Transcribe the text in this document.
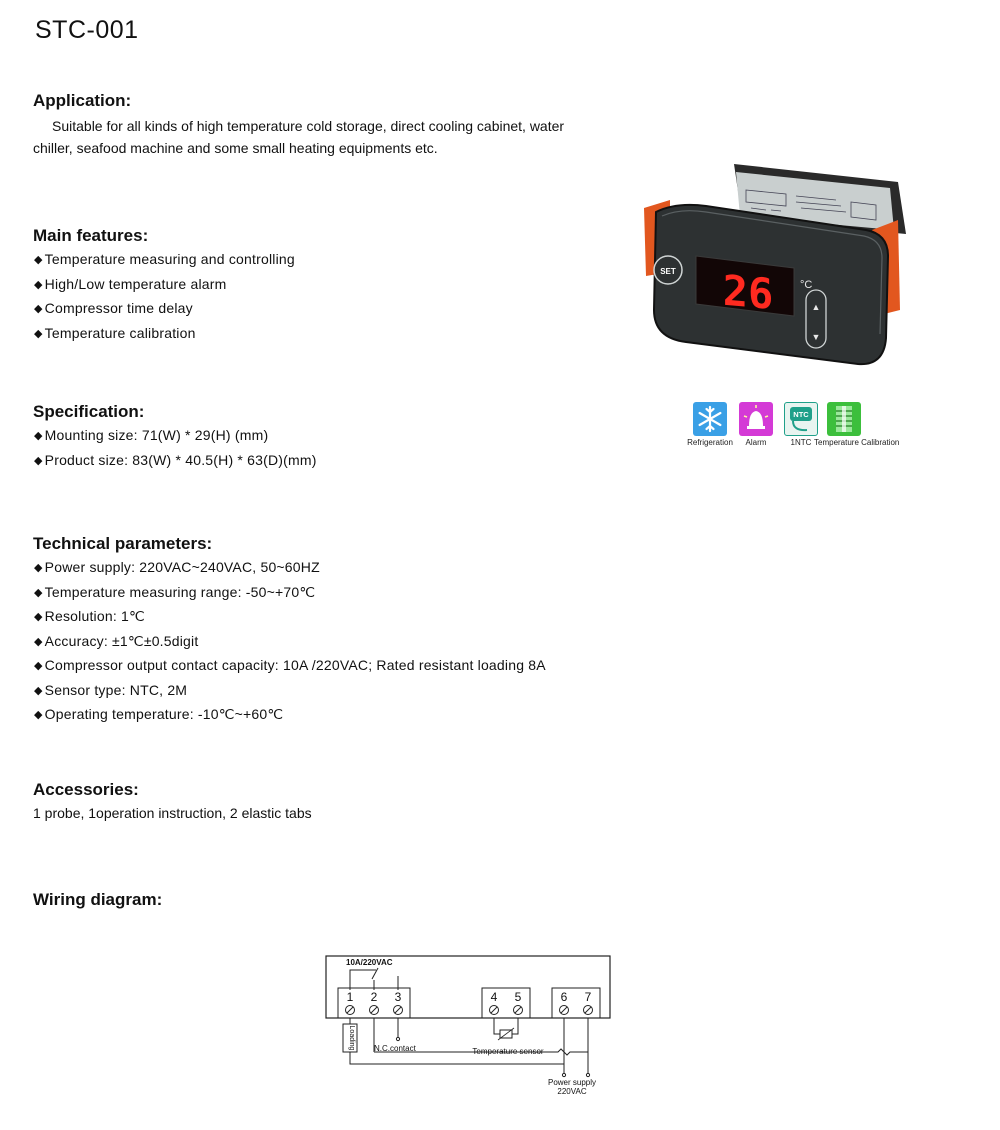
STC-001
Application:
Suitable for all kinds of high temperature cold storage, direct cooling cabinet, water
chiller, seafood machine and some small heating equipments etc.
Main features:
◆ Temperature measuring and controlling
◆ High/Low temperature alarm
◆ Compressor time delay
◆ Temperature calibration
Specification:
◆ Mounting size: 71(W) * 29(H) (mm)
◆ Product size: 83(W) * 40.5(H) * 63(D)(mm)
Technical parameters:
◆ Power supply: 220VAC~240VAC, 50~60HZ
◆ Temperature measuring range: -50~+70℃
◆ Resolution: 1℃
◆ Accuracy: ±1℃±0.5digit
◆ Compressor output contact capacity: 10A /220VAC; Rated resistant loading 8A
◆ Sensor type: NTC, 2M
◆ Operating temperature: -10℃~+60℃
Accessories:
1 probe, 1operation instruction, 2 elastic tabs
Wiring diagram:
SET 26 °C
▲
▼
Refrigeration	Alarm
NTC
1NTC Temperature Calibration
10A/220VAC
1 2 3	4 5	6 7
Loading N.C.contact	Temperature sensor
Power supply
220VAC
